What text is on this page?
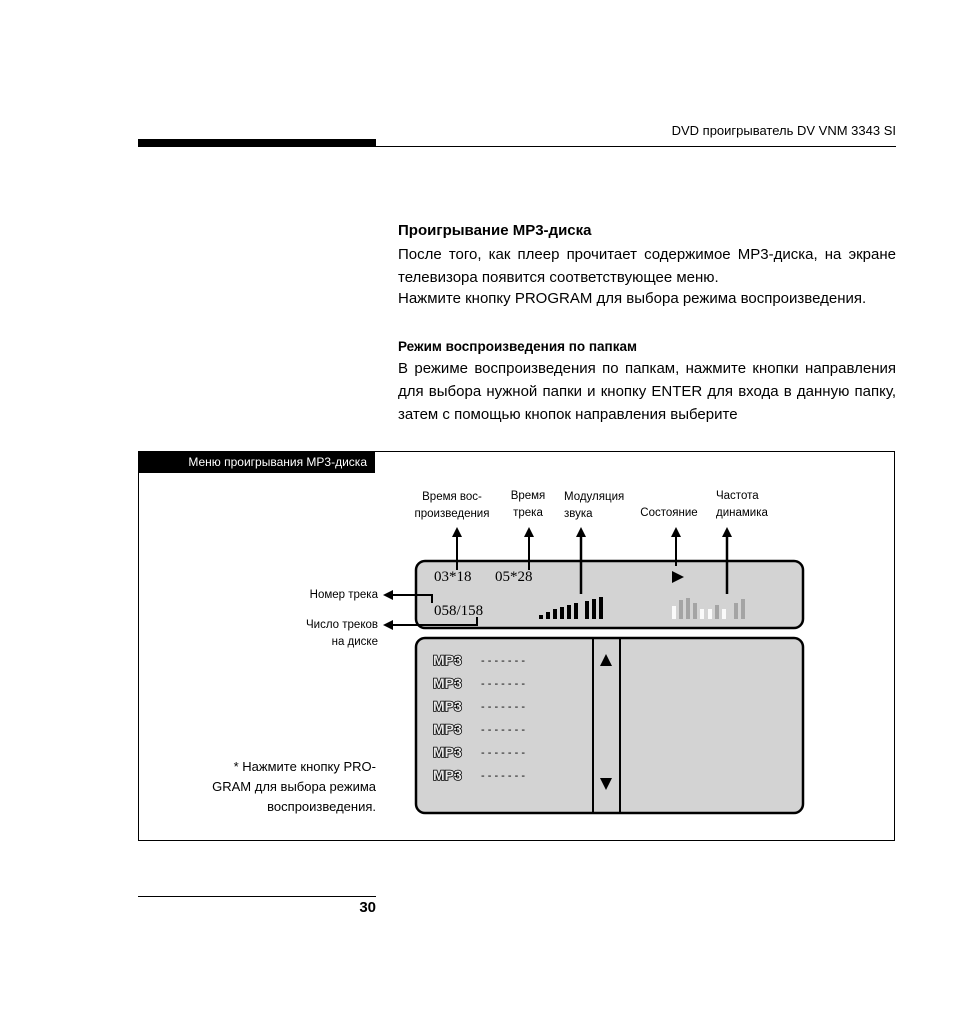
DVD проигрыватель DV VNM 3343 SI
Проигрывание MP3-диска

После того, как плеер прочитает содержимое MP3-диска, на экране телевизора появится соответствующее меню.

Нажмите кнопку PROGRAM для выбора режима воспроизведения.

Режим воспроизведения по папкам

В режиме воспроизведения по папкам, нажмите кнопки направления для выбора нужной папки и кнопку ENTER для входа в данную папку, затем с помощью кнопок направления выберите

Меню проигрывания MP3-диска
Время вос-
произведения
Время
трека
Модуляция
звука	Состояние
Частота
динамика
Номер трека
Число треков
на диске
03*18 05*28
058/158
MP3 - - - - - - -
MP3 - - - - - - -
MP3 - - - - - - -
MP3 - - - - - - -
MP3 - - - - - - -
MP3 - - - - - - -
* Нажмите кнопку PRO-
GRAM для выбора режима
воспроизведения.
30
